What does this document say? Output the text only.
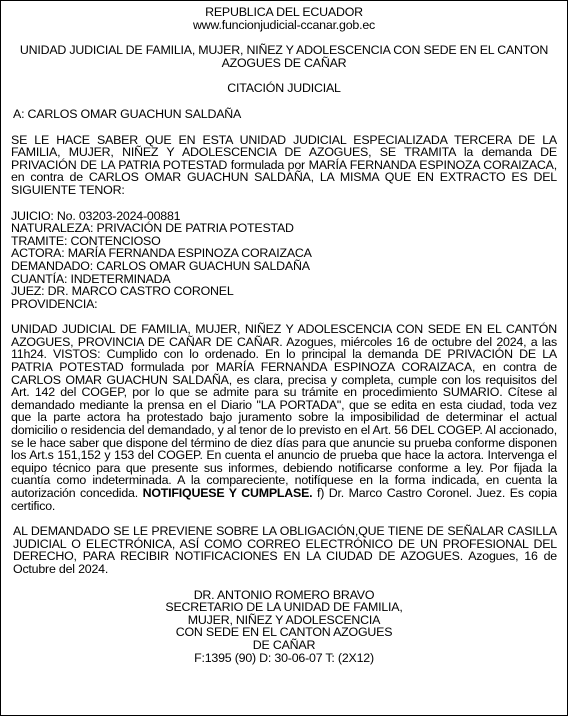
REPUBLICA DEL ECUADOR

www.funcionjudicial-ccanar.gob.ec

UNIDAD JUDICIAL DE FAMILIA, MUJER, NIÑEZ Y ADOLESCENCIA CON SEDE EN EL CANTON AZOGUES DE CAÑAR

CITACIÓN JUDICIAL

A: CARLOS OMAR GUACHUN SALDAÑA

SE LE HACE SABER QUE EN ESTA UNIDAD JUDICIAL ESPECIALIZADA TERCERA DE LA FAMILIA, MUJER, NIÑEZ Y ADOLESCENCIA DE AZOGUES, SE TRAMITA la demanda DE PRIVACIÓN DE LA PATRIA POTESTAD formulada por MARÍA FERNANDA ESPINOZA CORAIZACA, en contra de CARLOS OMAR GUACHUN SALDAÑA, LA MISMA QUE EN EXTRACTO ES DEL SIGUIENTE TENOR:

JUICIO: No. 03203-2024-00881
NATURALEZA: PRIVACIÓN DE PATRIA POTESTAD
TRAMITE: CONTENCIOSO
ACTORA: MARÍA FERNANDA ESPINOZA CORAIZACA
DEMANDADO: CARLOS OMAR GUACHUN SALDAÑA
CUANTÍA: INDETERMINADA
JUEZ: DR. MARCO CASTRO CORONEL
PROVIDENCIA:

UNIDAD JUDICIAL DE FAMILIA, MUJER, NIÑEZ Y ADOLESCENCIA CON SEDE EN EL CANTÓN AZOGUES, PROVINCIA DE CAÑAR DE CAÑAR. Azogues, miércoles 16 de octubre del 2024, a las 11h24. VISTOS: Cumplido con lo ordenado. En lo principal la demanda DE PRIVACIÓN DE LA PATRIA POTESTAD formulada por MARÍA FERNANDA ESPINOZA CORAIZACA, en contra de CARLOS OMAR GUACHUN SALDAÑA, es clara, precisa y completa, cumple con los requisitos del Art. 142 del COGEP, por lo que se admite para su trámite en procedimiento SUMARIO. Cítese al demandado mediante la prensa en el Diario "LA PORTADA", que se edita en esta ciudad, toda vez que la parte actora ha protestado bajo juramento sobre la imposibilidad de determinar el actual domicilio o residencia del demandado, y al tenor de lo previsto en el Art. 56 DEL COGEP. Al accionado, se le hace saber que dispone del término de diez días para que anuncie su prueba conforme disponen los Art.s 151,152 y 153 del COGEP. En cuenta el anuncio de prueba que hace la actora. Intervenga el equipo técnico para que presente sus informes, debiendo notificarse conforme a ley. Por fijada la cuantía como indeterminada. A la compareciente, notifíquese en la forma indicada, en cuenta la autorización concedida. NOTIFIQUESE Y CUMPLASE. f) Dr. Marco Castro Coronel. Juez. Es copia certifico.

AL DEMANDADO SE LE PREVIENE SOBRE LA OBLIGACIÓN,QUE TIENE DE SEÑALAR CASILLA JUDICIAL O ELECTRÓNICA, ASÍ COMO CORREO ELECTRÓNICO DE UN PROFESIONAL DEL DERECHO, PARA RECIBIR NOTIFICACIONES EN LA CIUDAD DE AZOGUES. Azogues, 16 de Octubre del 2024.

DR. ANTONIO ROMERO BRAVO
SECRETARIO DE LA UNIDAD DE FAMILIA,
MUJER, NIÑEZ Y ADOLESCENCIA
CON SEDE EN EL CANTON AZOGUES
DE CAÑAR
F:1395 (90) D: 30-06-07 T: (2X12)
